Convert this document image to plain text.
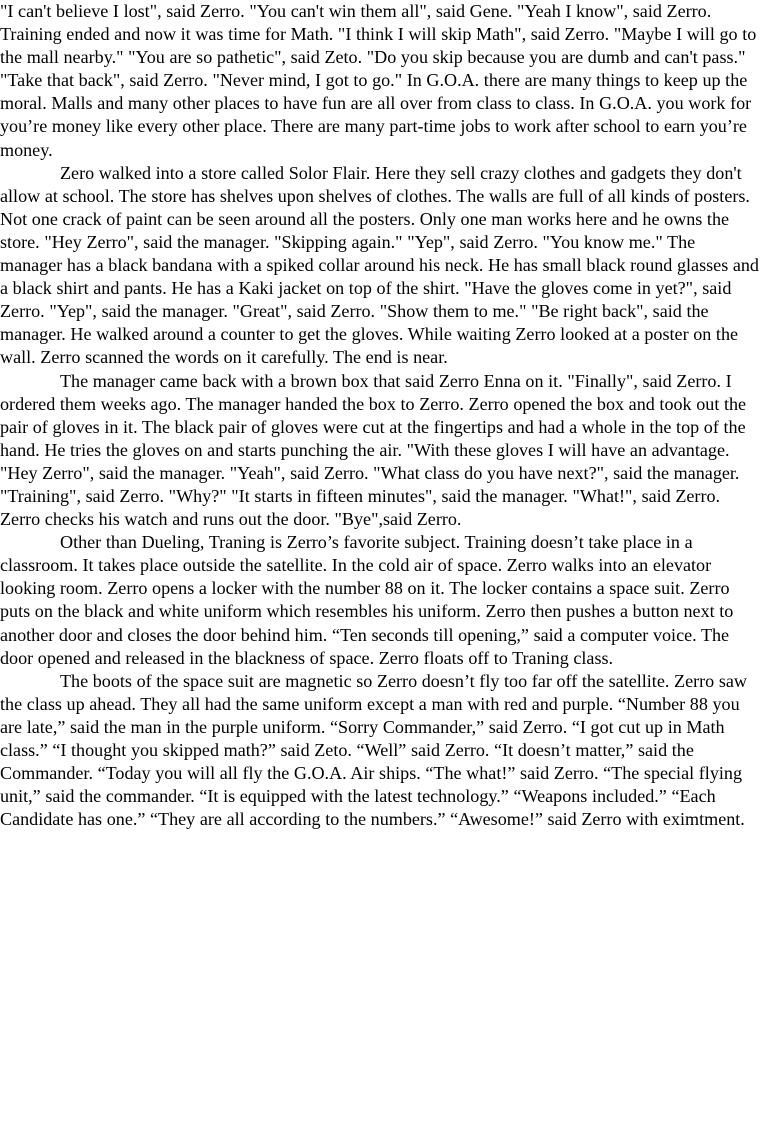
"I can't believe I lost", said Zerro. "You can't win them all", said Gene. "Yeah I know", said Zerro. Training ended and now it was time for Math. "I think I will skip Math", said Zerro. "Maybe I will go to the mall nearby." "You are so pathetic", said Zeto. "Do you skip because you are dumb and can't pass." "Take that back", said Zerro. "Never mind, I got to go." In G.O.A. there are many things to keep up the moral. Malls and many other places to have fun are all over from class to class. In G.O.A. you work for you’re money like every other place. There are many part-time jobs to work after school to earn you’re money.

Zero walked into a store called Solor Flair. Here they sell crazy clothes and gadgets they don't allow at school. The store has shelves upon shelves of clothes. The walls are full of all kinds of posters. Not one crack of paint can be seen around all the posters. Only one man works here and he owns the store. "Hey Zerro", said the manager. "Skipping again." "Yep", said Zerro. "You know me." The manager has a black bandana with a spiked collar around his neck. He has small black round glasses and a black shirt and pants. He has a Kaki jacket on top of the shirt. "Have the gloves come in yet?", said Zerro. "Yep", said the manager. "Great", said Zerro. "Show them to me." "Be right back", said the manager. He walked around a counter to get the gloves. While waiting Zerro looked at a poster on the wall. Zerro scanned the words on it carefully. The end is near.

The manager came back with a brown box that said Zerro Enna on it. "Finally", said Zerro. I ordered them weeks ago. The manager handed the box to Zerro. Zerro opened the box and took out the pair of gloves in it. The black pair of gloves were cut at the fingertips and had a whole in the top of the hand. He tries the gloves on and starts punching the air. "With these gloves I will have an advantage. "Hey Zerro", said the manager. "Yeah", said Zerro. "What class do you have next?", said the manager. "Training", said Zerro. "Why?" "It starts in fifteen minutes", said the manager. "What!", said Zerro. Zerro checks his watch and runs out the door. "Bye",said Zerro.

Other than Dueling, Traning is Zerro’s favorite subject. Training doesn’t take place in a classroom. It takes place outside the satellite. In the cold air of space. Zerro walks into an elevator looking room. Zerro opens a locker with the number 88 on it. The locker contains a space suit. Zerro puts on the black and white uniform which resembles his uniform. Zerro then pushes a button next to another door and closes the door behind him. “Ten seconds till opening,” said a computer voice. The door opened and released in the blackness of space. Zerro floats off to Traning class.

The boots of the space suit are magnetic so Zerro doesn’t fly too far off the satellite. Zerro saw the class up ahead. They all had the same uniform except a man with red and purple. “Number 88 you are late,” said the man in the purple uniform. “Sorry Commander,” said Zerro. “I got cut up in Math class.” “I thought you skipped math?” said Zeto. “Well” said Zerro. “It doesn’t matter,” said the Commander. “Today you will all fly the G.O.A. Air ships. “The what!” said Zerro. “The special flying unit,” said the commander. “It is equipped with the latest technology.” “Weapons included.” “Each Candidate has one.” “They are all according to the numbers.” “Awesome!” said Zerro with eximtment.
